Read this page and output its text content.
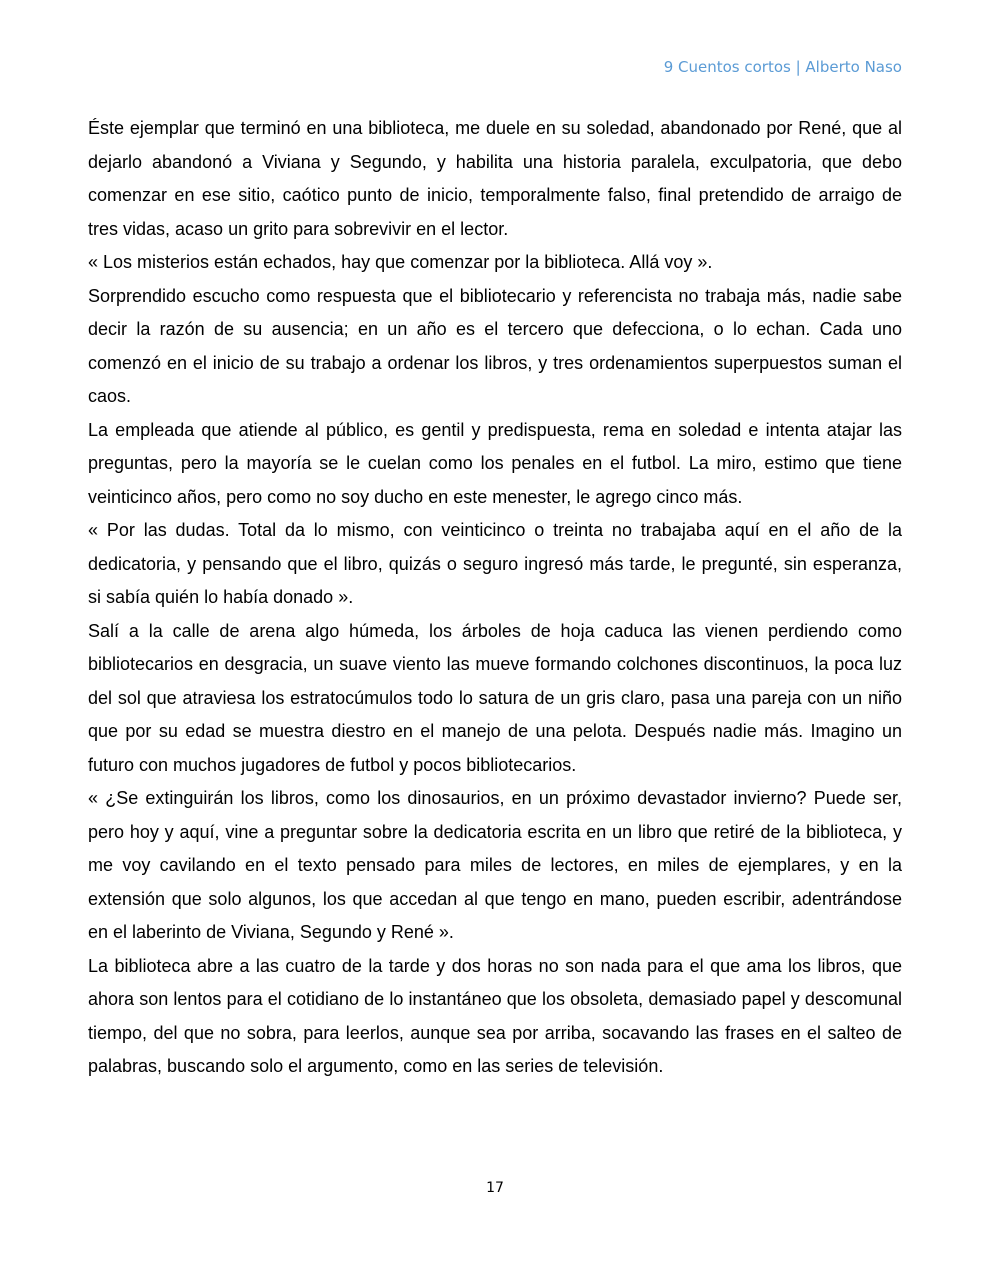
9 Cuentos cortos | Alberto Naso

Éste ejemplar que terminó en una biblioteca, me duele en su soledad, abandonado por René, que al dejarlo abandonó a Viviana y Segundo, y habilita una historia paralela, exculpatoria, que debo comenzar en ese sitio, caótico punto de inicio, temporalmente falso, final pretendido de arraigo de tres vidas, acaso un grito para sobrevivir en el lector.

« Los misterios están echados, hay que comenzar por la biblioteca. Allá voy ».

Sorprendido escucho como respuesta que el bibliotecario y referencista no trabaja más, nadie sabe decir la razón de su ausencia; en un año es el tercero que defecciona, o lo echan. Cada uno comenzó en el inicio de su trabajo a ordenar los libros, y tres ordenamientos superpuestos suman el caos.

La empleada que atiende al público, es gentil y predispuesta, rema en soledad e intenta atajar las preguntas, pero la mayoría se le cuelan como los penales en el futbol. La miro, estimo que tiene veinticinco años, pero como no soy ducho en este menester, le agrego cinco más.

« Por las dudas. Total da lo mismo, con veinticinco o treinta no trabajaba aquí en el año de la dedicatoria, y pensando que el libro, quizás o seguro ingresó más tarde, le pregunté, sin esperanza, si sabía quién lo había donado ».

Salí a la calle de arena algo húmeda, los árboles de hoja caduca las vienen perdiendo como bibliotecarios en desgracia, un suave viento las mueve formando colchones discontinuos, la poca luz del sol que atraviesa los estratocúmulos todo lo satura de un gris claro, pasa una pareja con un niño que por su edad se muestra diestro en el manejo de una pelota. Después nadie más. Imagino un futuro con muchos jugadores de futbol y pocos bibliotecarios.

« ¿Se extinguirán los libros, como los dinosaurios, en un próximo devastador invierno? Puede ser, pero hoy y aquí, vine a preguntar sobre la dedicatoria escrita en un libro que retiré de la biblioteca, y me voy cavilando en el texto pensado para miles de lectores, en miles de ejemplares, y en la extensión que solo algunos, los que accedan al que tengo en mano, pueden escribir, adentrándose en el laberinto de Viviana, Segundo y René ».

La biblioteca abre a las cuatro de la tarde y dos horas no son nada para el que ama los libros, que ahora son lentos para el cotidiano de lo instantáneo que los obsoleta, demasiado papel y descomunal tiempo, del que no sobra, para leerlos, aunque sea por arriba, socavando las frases en el salteo de palabras, buscando solo el argumento, como en las series de televisión.

17
